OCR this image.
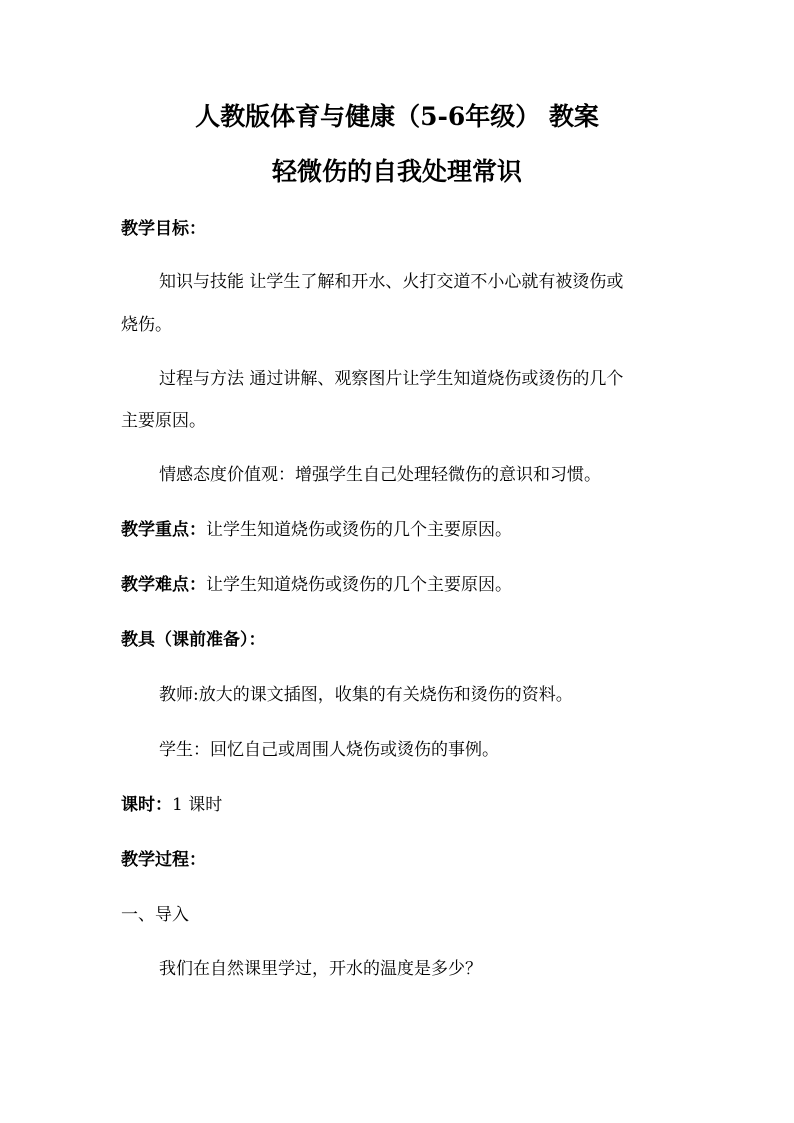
人教版体育与健康（5-6年级） 教案
轻微伤的自我处理常识
教学目标：
知识与技能 让学生了解和开水、火打交道不小心就有被烫伤或
烧伤。
过程与方法 通过讲解、观察图片让学生知道烧伤或烫伤的几个
主要原因。
情感态度价值观：增强学生自己处理轻微伤的意识和习惯。
教学重点：让学生知道烧伤或烫伤的几个主要原因。
教学难点：让学生知道烧伤或烫伤的几个主要原因。
教具（课前准备）：
教师:放大的课文插图，收集的有关烧伤和烫伤的资料。
学生：回忆自己或周围人烧伤或烫伤的事例。
课时：1 课时
教学过程：
一、导入
我们在自然课里学过，开水的温度是多少？
